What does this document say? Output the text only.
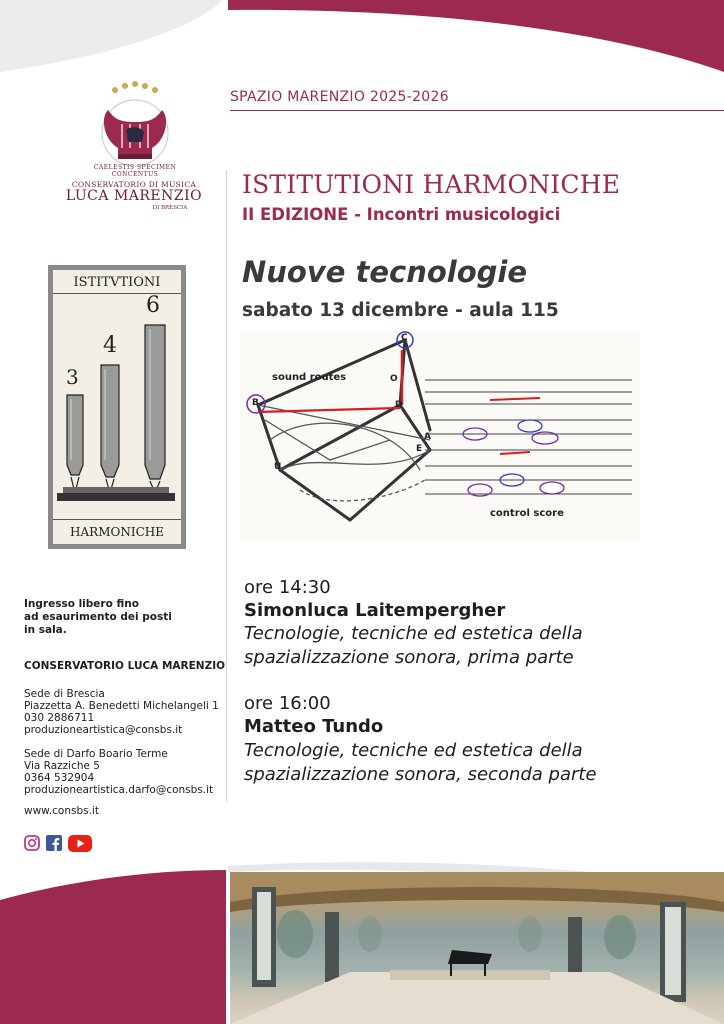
CAELESTIS SPECIMEN CONCENTUS
CONSERVATORIO DI MUSICA
LUCA MARENZIO
DI BRESCIA
SPAZIO MARENZIO 2025-2026
ISTITUTIONI HARMONICHE
II EDIZIONE - Incontri musicologici
Nuove tecnologie
sabato 13 dicembre - aula 115
ISTITVTIONI
3
4
6
HARMONICHE
sound routes
control score
C
B	D
A
E
U
O
ore 14:30
Simonluca Laitempergher
Tecnologie, tecniche ed estetica della
spazializzazione sonora, prima parte
ore 16:00
Matteo Tundo
Tecnologie, tecniche ed estetica della
spazializzazione sonora, seconda parte
Ingresso libero fino
ad esaurimento dei posti
in sala.
CONSERVATORIO LUCA MARENZIO
Sede di Brescia
Piazzetta A. Benedetti Michelangeli 1
030 2886711
produzioneartistica@consbs.it
Sede di Darfo Boario Terme
Via Razziche 5
0364 532904
produzioneartistica.darfo@consbs.it
www.consbs.it
